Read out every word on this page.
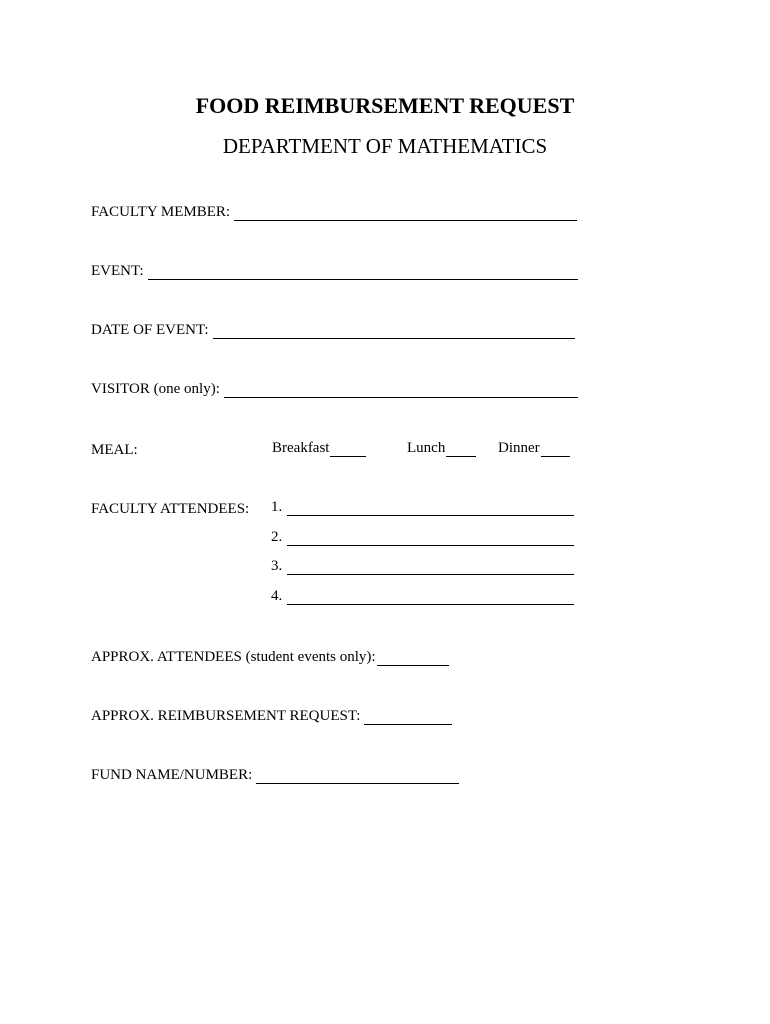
FOOD REIMBURSEMENT REQUEST
DEPARTMENT OF MATHEMATICS
FACULTY MEMBER:
EVENT:
DATE OF EVENT:
VISITOR (one only):
MEAL:	Breakfast	Lunch	Dinner
FACULTY ATTENDEES: 1.
2.
3.
4.
APPROX. ATTENDEES (student events only):
APPROX. REIMBURSEMENT REQUEST:
FUND NAME/NUMBER:
